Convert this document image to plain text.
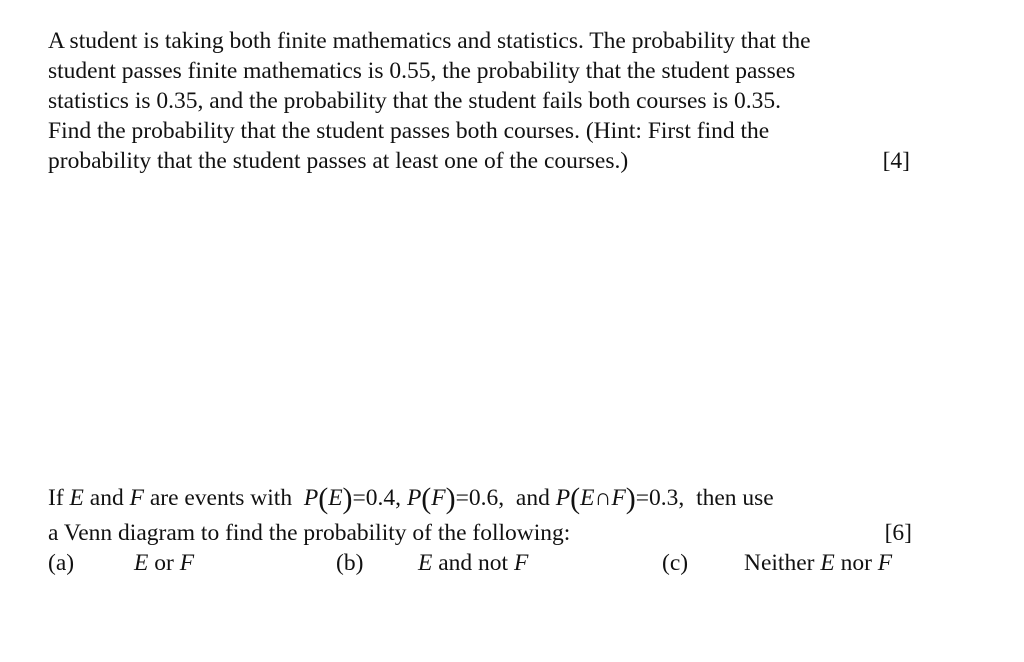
A student is taking both finite mathematics and statistics. The probability that the
student passes finite mathematics is 0.55, the probability that the student passes
statistics is 0.35, and the probability that the student fails both courses is 0.35.
Find the probability that the student passes both courses. (Hint: First find the
probability that the student passes at least one of the courses.)	[4]
If
E
and
F
are events with
P ( E ) =0.4,
P ( F ) =0.6,
and
P ( E ∩ F ) =0.3,
then use
a Venn diagram to find the probability of the following:	[6]
(a)	E or F	(b) E and not F	(c) Neither E nor F
